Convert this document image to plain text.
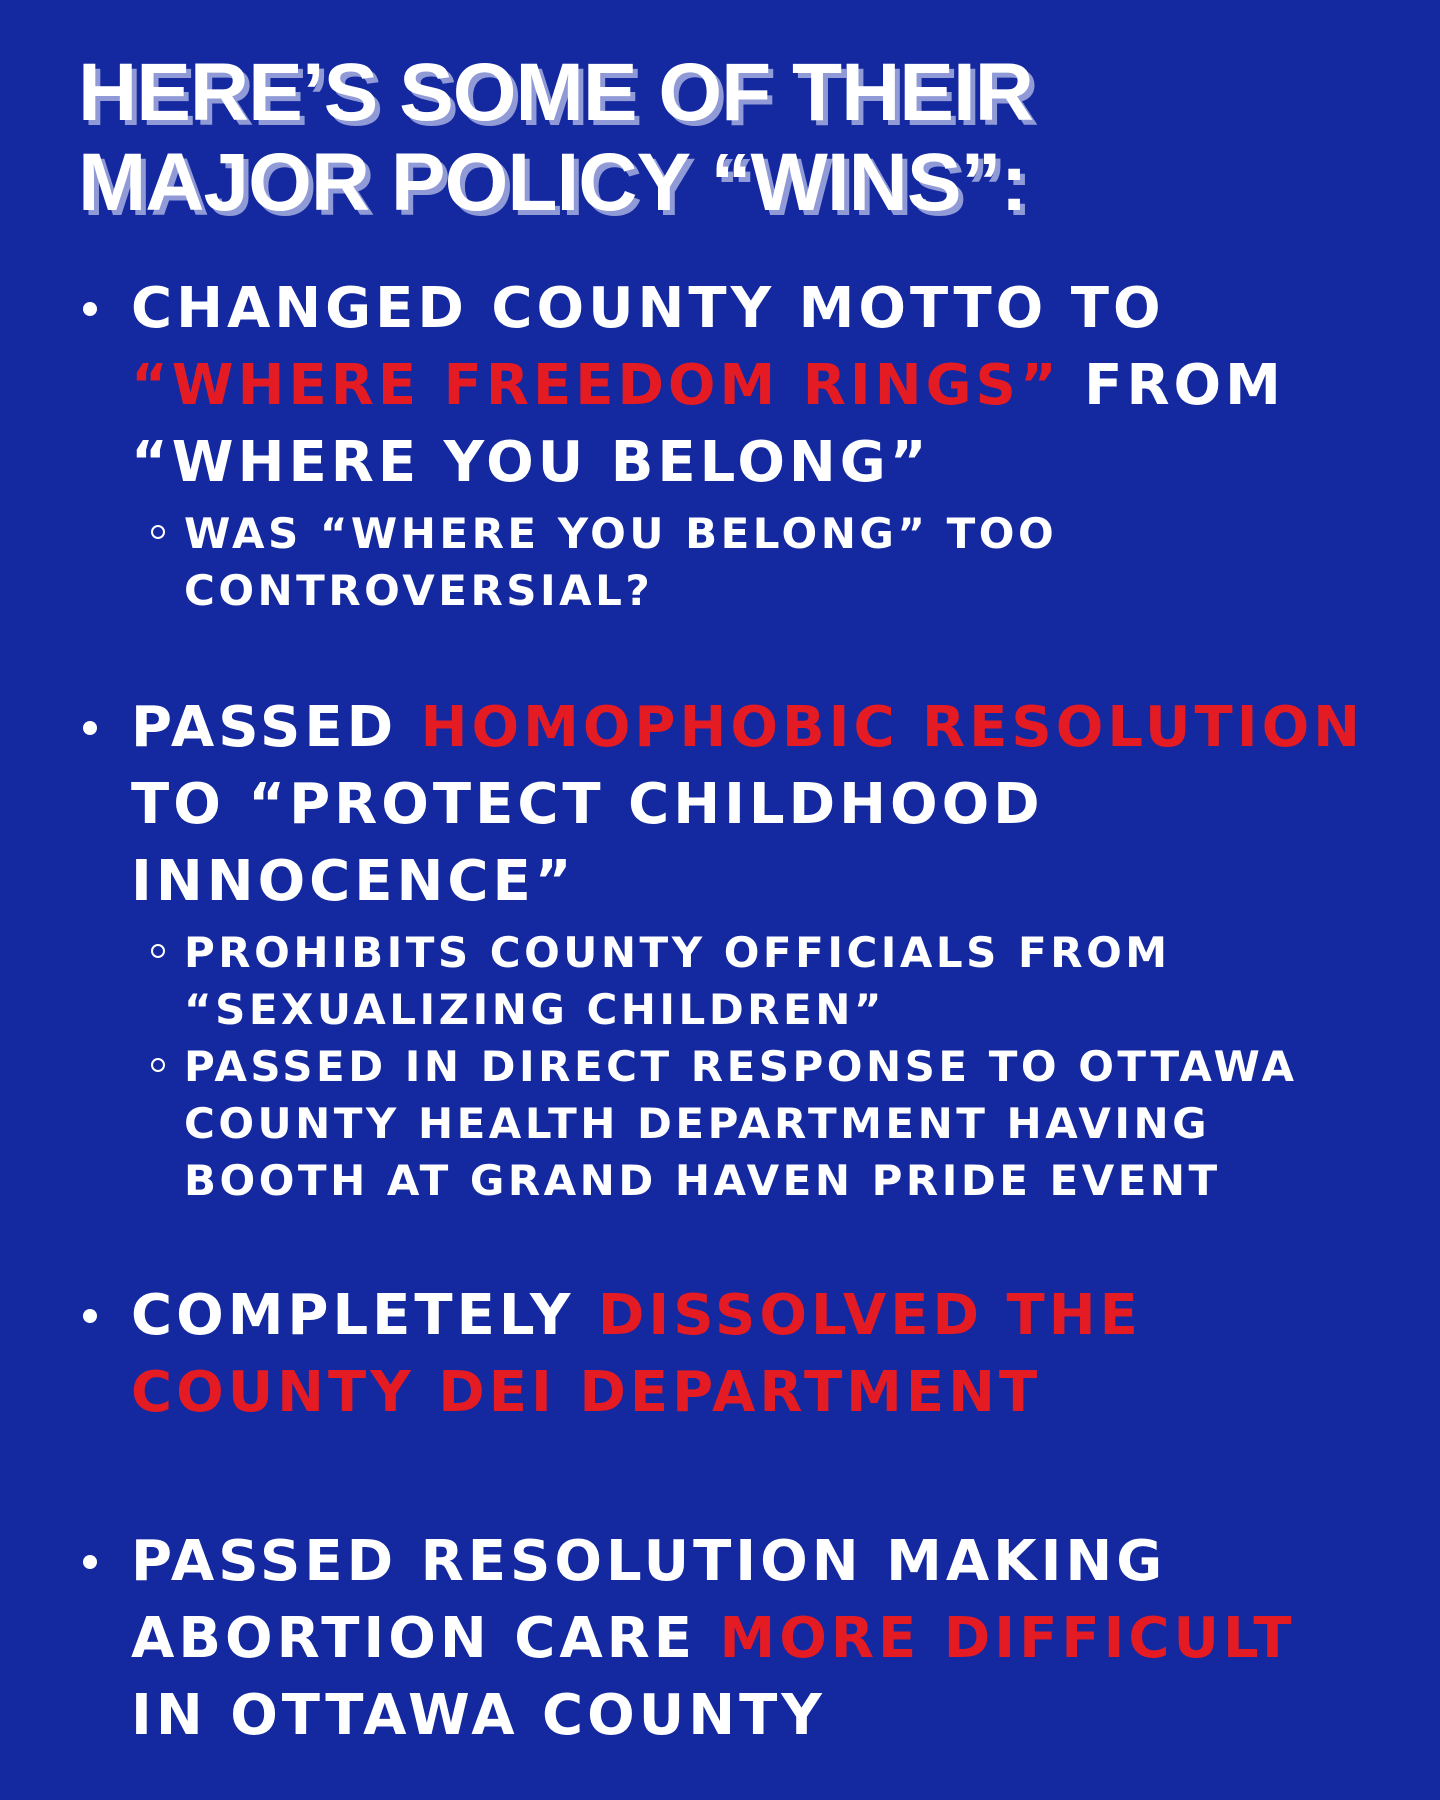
HERE’S SOME OF THEIR
MAJOR POLICY “WINS”:
CHANGED COUNTY MOTTO TO
“WHERE FREEDOM RINGS” FROM
“WHERE YOU BELONG”
WAS “WHERE YOU BELONG” TOO
CONTROVERSIAL?
PASSED HOMOPHOBIC RESOLUTION
TO “PROTECT CHILDHOOD
INNOCENCE”
PROHIBITS COUNTY OFFICIALS FROM
“SEXUALIZING CHILDREN”
PASSED IN DIRECT RESPONSE TO OTTAWA
COUNTY HEALTH DEPARTMENT HAVING
BOOTH AT GRAND HAVEN PRIDE EVENT
COMPLETELY DISSOLVED THE
COUNTY DEI DEPARTMENT
PASSED RESOLUTION MAKING
ABORTION CARE MORE DIFFICULT
IN OTTAWA COUNTY
